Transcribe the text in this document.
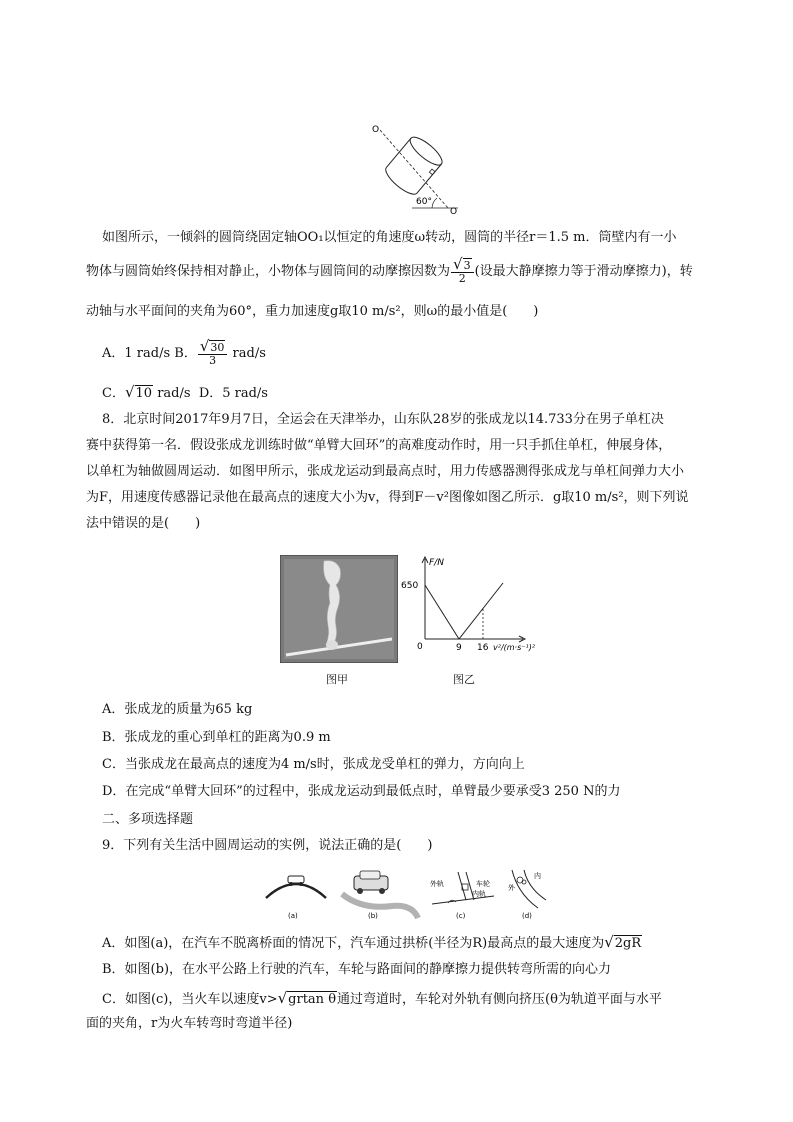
O
O
60°
如图所示，一倾斜的圆筒绕固定轴OO₁以恒定的角速度ω转动，圆筒的半径r＝1.5 m．筒壁内有一小
物体与圆筒始终保持相对静止，小物体与圆筒间的动摩擦因数为 $\frac{√3}{2}$ (设最大静摩擦力等于滑动摩擦力)，转
动轴与水平面间的夹角为60°，重力加速度g取10 m/s²，则ω的最小值是(　　)
A．1 rad/s B． $\frac{√30}{3} rad/s$
C．√10 rad/s D．5 rad/s
8．北京时间2017年9月7日，全运会在天津举办，山东队28岁的张成龙以14.733分在男子单杠决
赛中获得第一名．假设张成龙训练时做“单臂大回环”的高难度动作时，用一只手抓住单杠，伸展身体，
以单杠为轴做圆周运动．如图甲所示，张成龙运动到最高点时，用力传感器测得张成龙与单杠间弹力大小
为F，用速度传感器记录他在最高点的速度大小为v，得到F－v²图像如图乙所示．g取10 m/s²，则下列说
法中错误的是(　　)
图甲
F/N
650
0	9 16 v²/(m·s⁻¹)²
图乙
A．张成龙的质量为65 kg
B．张成龙的重心到单杠的距离为0.9 m
C．当张成龙在最高点的速度为4 m/s时，张成龙受单杠的弹力，方向向上
D．在完成“单臂大回环”的过程中，张成龙运动到最低点时，单臂最少要承受3 250 N的力
二、多项选择题
9．下列有关生活中圆周运动的实例，说法正确的是(　　)
(a)	(b)
外轨	车轮
内轨
(c)
外
内
(d)
A．如图(a)，在汽车不脱离桥面的情况下，汽车通过拱桥(半径为R)最高点的最大速度为√2gR
B．如图(b)，在水平公路上行驶的汽车，车轮与路面间的静摩擦力提供转弯所需的向心力
C．如图(c)，当火车以速度v>√grtan θ通过弯道时，车轮对外轨有侧向挤压(θ为轨道平面与水平
面的夹角，r为火车转弯时弯道半径)
